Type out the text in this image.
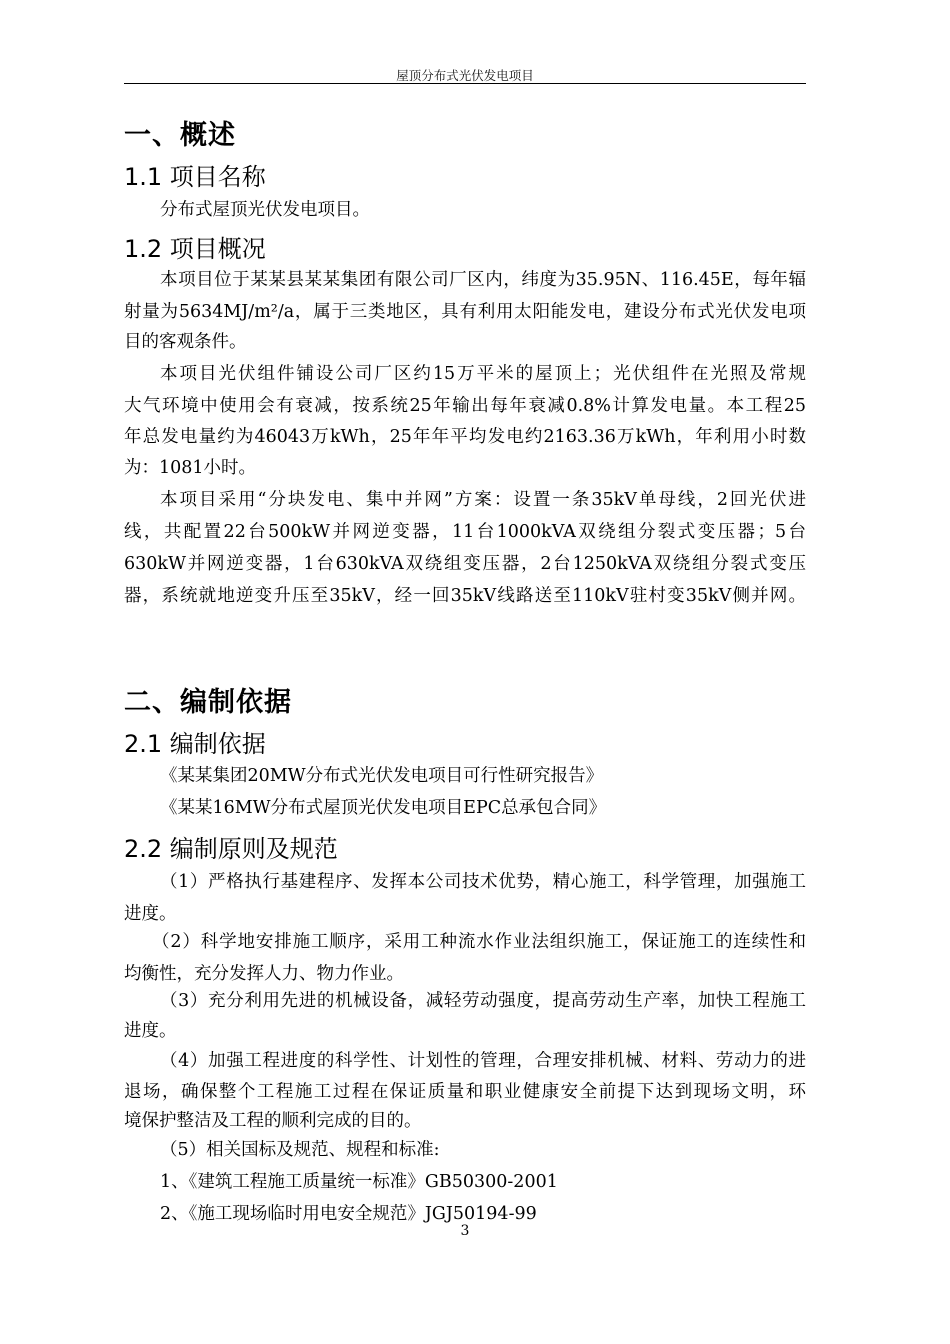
屋顶分布式光伏发电项目
一、概述
1.1 项目名称
分布式屋顶光伏发电项目。
1.2 项目概况
本项目位于某某县某某集团有限公司厂区内，纬度为35.95N、116.45E，每年辐
射量为5634MJ/m²/a，属于三类地区，具有利用太阳能发电，建设分布式光伏发电项
目的客观条件。
本项目光伏组件铺设公司厂区约15万平米的屋顶上；光伏组件在光照及常规
大气环境中使用会有衰减，按系统25年输出每年衰减0.8%计算发电量。本工程25
年总发电量约为46043万kWh，25年年平均发电约2163.36万kWh，年利用小时数
为：1081小时。
本项目采用“分块发电、集中并网”方案：设置一条35kV单母线，2回光伏进
线，共配置22台500kW并网逆变器，11台1000kVA双绕组分裂式变压器；5台
630kW并网逆变器，1台630kVA双绕组变压器，2台1250kVA双绕组分裂式变压
器，系统就地逆变升压至35kV，经一回35kV线路送至110kV驻村变35kV侧并网。
二、编制依据
2.1 编制依据
《某某集团20MW分布式光伏发电项目可行性研究报告》
《某某16MW分布式屋顶光伏发电项目EPC总承包合同》
2.2 编制原则及规范
（1）严格执行基建程序、发挥本公司技术优势，精心施工，科学管理，加强施工
进度。
（2）科学地安排施工顺序，采用工种流水作业法组织施工，保证施工的连续性和
均衡性，充分发挥人力、物力作业。
（3）充分利用先进的机械设备，减轻劳动强度，提高劳动生产率，加快工程施工
进度。
（4）加强工程进度的科学性、计划性的管理，合理安排机械、材料、劳动力的进
退场，确保整个工程施工过程在保证质量和职业健康安全前提下达到现场文明，环
境保护整洁及工程的顺利完成的目的。
（5）相关国标及规范、规程和标准:
1、《建筑工程施工质量统一标准》GB50300-2001
2、《施工现场临时用电安全规范》JGJ50194-99
3
